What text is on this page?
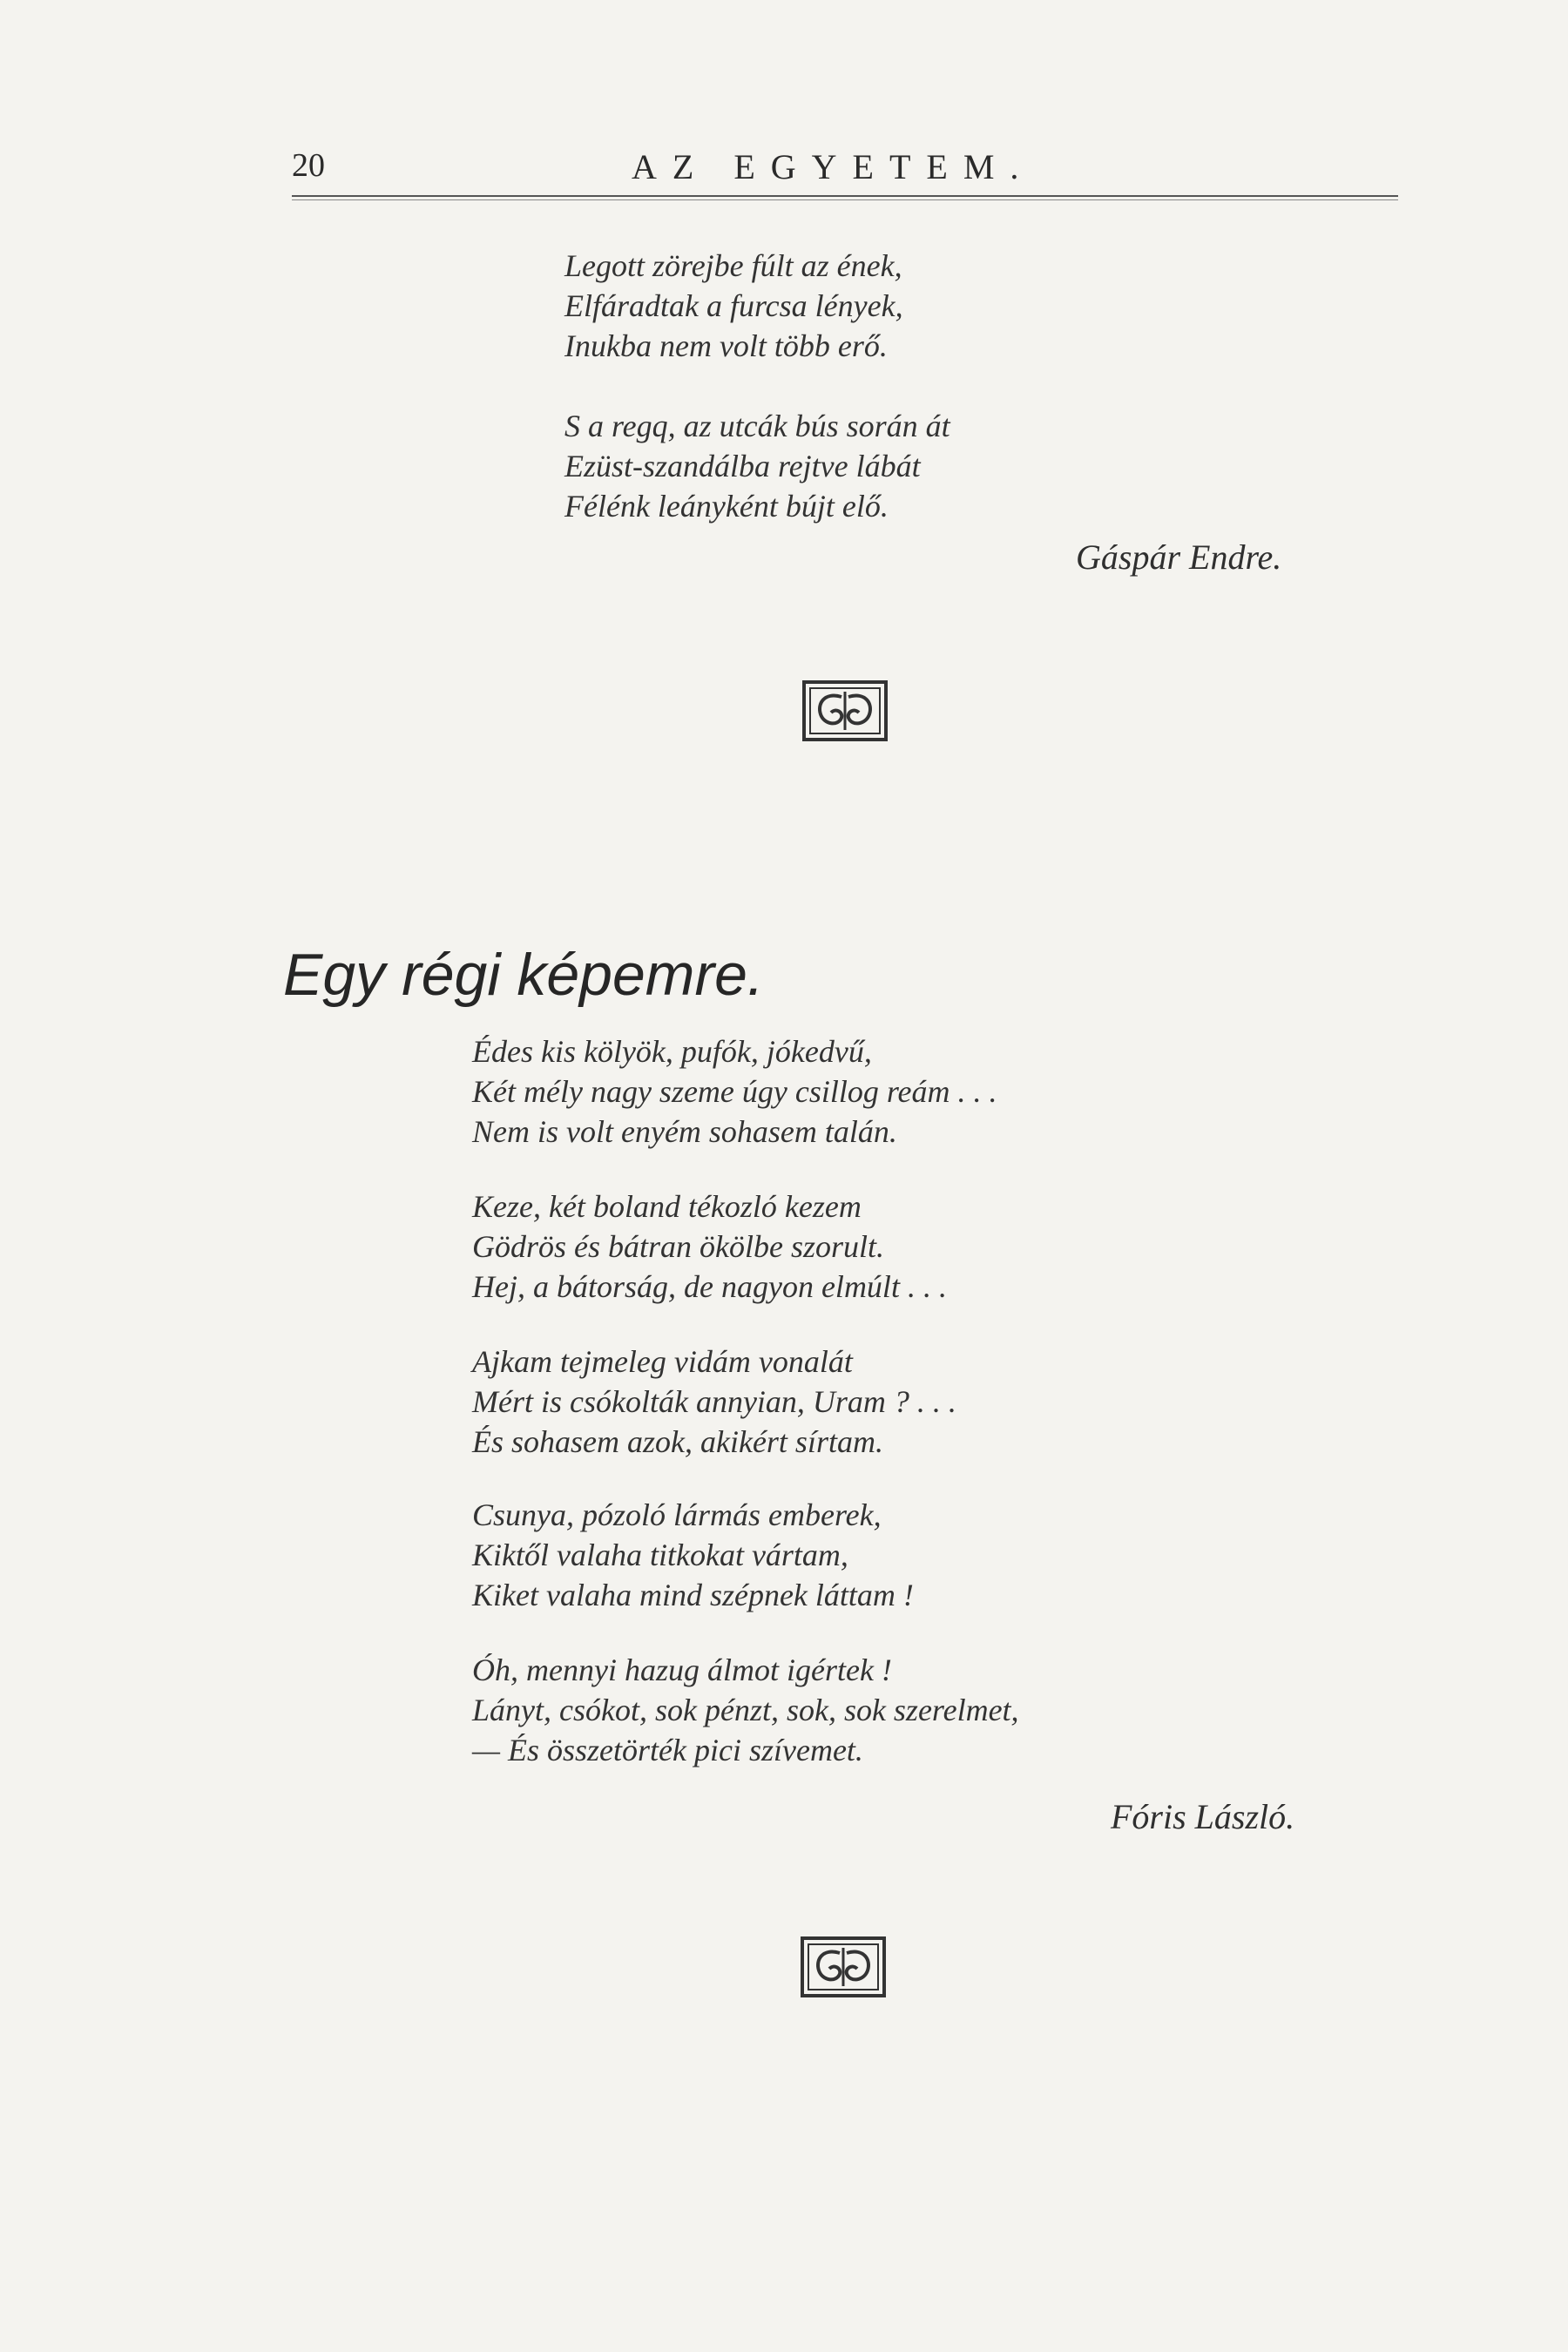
20	AZ EGYETEM.
Legott zörejbe fúlt az ének,
Elfáradtak a furcsa lények,
Inukba nem volt több erő.
S a regq, az utcák bús során át
Ezüst-szandálba rejtve lábát
Félénk leányként bújt elő.
Gáspár Endre.
Egy régi képemre.
Édes kis kölyök, pufók, jókedvű,
Két mély nagy szeme úgy csillog reám . . .
Nem is volt enyém sohasem talán.
Keze, két boland tékozló kezem
Gödrös és bátran ökölbe szorult.
Hej, a bátorság, de nagyon elmúlt . . .
Ajkam tejmeleg vidám vonalát
Mért is csókolták annyian, Uram ? . . .
És sohasem azok, akikért sírtam.
Csunya, pózoló lármás emberek,
Kiktől valaha titkokat vártam,
Kiket valaha mind szépnek láttam !
Óh, mennyi hazug álmot igértek !
Lányt, csókot, sok pénzt, sok, sok szerelmet,
— És összetörték pici szívemet.
Fóris László.
